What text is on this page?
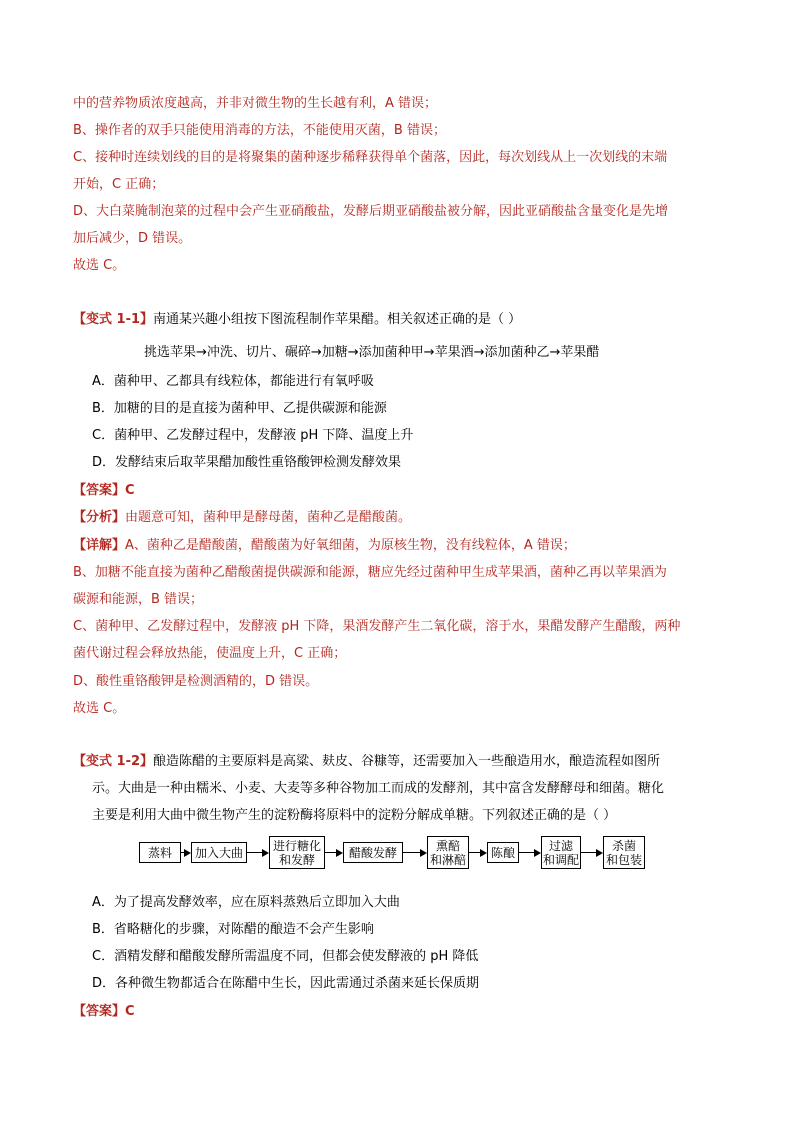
中的营养物质浓度越高，并非对微生物的生长越有利，A 错误；
B、操作者的双手只能使用消毒的方法，不能使用灭菌，B 错误；
C、接种时连续划线的目的是将聚集的菌种逐步稀释获得单个菌落，因此，每次划线从上一次划线的末端
开始，C 正确；
D、大白菜腌制泡菜的过程中会产生亚硝酸盐，发酵后期亚硝酸盐被分解，因此亚硝酸盐含量变化是先增
加后减少，D 错误。
故选 C。
【变式 1-1】南通某兴趣小组按下图流程制作苹果醋。相关叙述正确的是（ ）
挑选苹果→冲洗、切片、碾碎→加糖→添加菌种甲→苹果酒→添加菌种乙→苹果醋
A．菌种甲、乙都具有线粒体，都能进行有氧呼吸
B．加糖的目的是直接为菌种甲、乙提供碳源和能源
C．菌种甲、乙发酵过程中，发酵液 pH 下降、温度上升
D．发酵结束后取苹果醋加酸性重铬酸钾检测发酵效果
【答案】C
【分析】由题意可知，菌种甲是酵母菌，菌种乙是醋酸菌。
【详解】A、菌种乙是醋酸菌，醋酸菌为好氧细菌，为原核生物，没有线粒体，A 错误；
B、加糖不能直接为菌种乙醋酸菌提供碳源和能源，糖应先经过菌种甲生成苹果酒，菌种乙再以苹果酒为
碳源和能源，B 错误；
C、菌种甲、乙发酵过程中，发酵液 pH 下降，果酒发酵产生二氧化碳，溶于水，果醋发酵产生醋酸，两种
菌代谢过程会释放热能，使温度上升，C 正确；
D、酸性重铬酸钾是检测酒精的，D 错误。
故选 C。
【变式 1-2】酿造陈醋的主要原料是高粱、麸皮、谷糠等，还需要加入一些酿造用水，酿造流程如图所
示。大曲是一种由糯米、小麦、大麦等多种谷物加工而成的发酵剂，其中富含发酵酵母和细菌。糖化
主要是利用大曲中微生物产生的淀粉酶将原料中的淀粉分解成单糖。下列叙述正确的是（ ）
蒸料	加入大曲	进行糖化
和发酵	醋酸发酵	熏醅
和淋醅	陈酿	过滤
和调配
杀菌
和包装
A．为了提高发酵效率，应在原料蒸熟后立即加入大曲
B．省略糖化的步骤，对陈醋的酿造不会产生影响
C．酒精发酵和醋酸发酵所需温度不同，但都会使发酵液的 pH 降低
D．各种微生物都适合在陈醋中生长，因此需通过杀菌来延长保质期
【答案】C
